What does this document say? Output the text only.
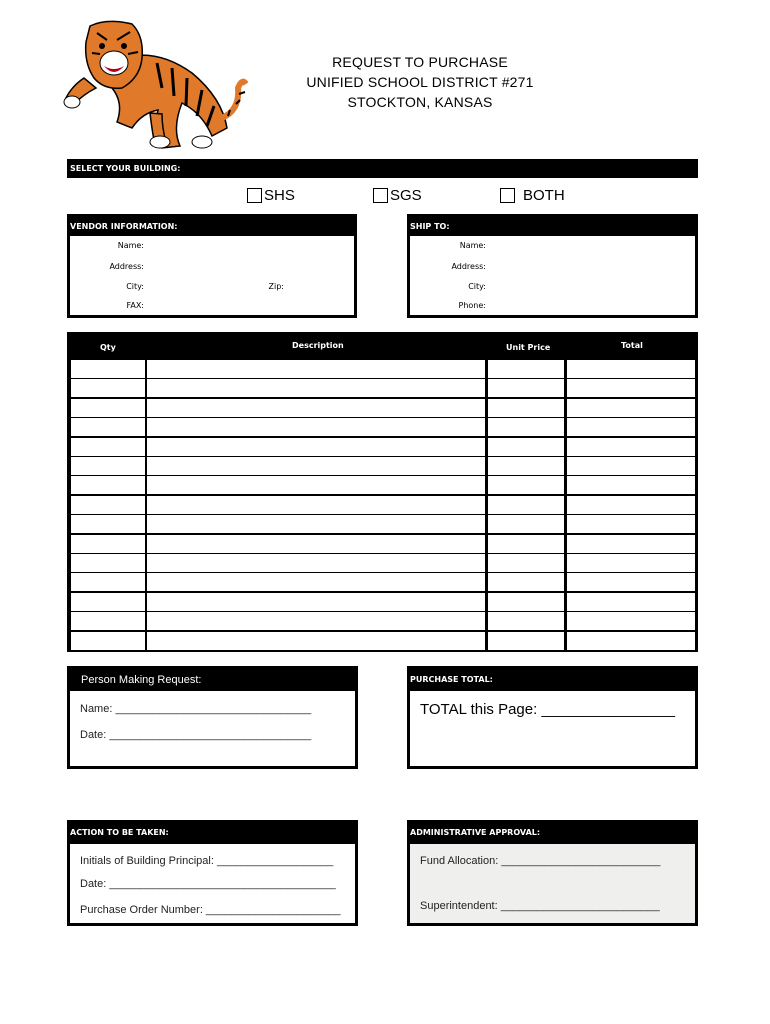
REQUEST TO PURCHASE
UNIFIED SCHOOL DISTRICT #271
STOCKTON, KANSAS
SELECT YOUR BUILDING:
SHS	SGS	BOTH
VENDOR INFORMATION:
Name:
Address:
City:	Zip:
FAX:
SHIP TO:
Name:
Address:
City:
Phone:
Qty	Description	Unit Price	Total
Person Making Request:
Name: ________________________________
Date: _________________________________
PURCHASE TOTAL:
TOTAL this Page: ________________
ACTION TO BE TAKEN:
Initials of Building Principal: ___________________
Date: _____________________________________
Purchase Order Number: ______________________
ADMINISTRATIVE APPROVAL:
Fund Allocation: __________________________
Superintendent: __________________________
